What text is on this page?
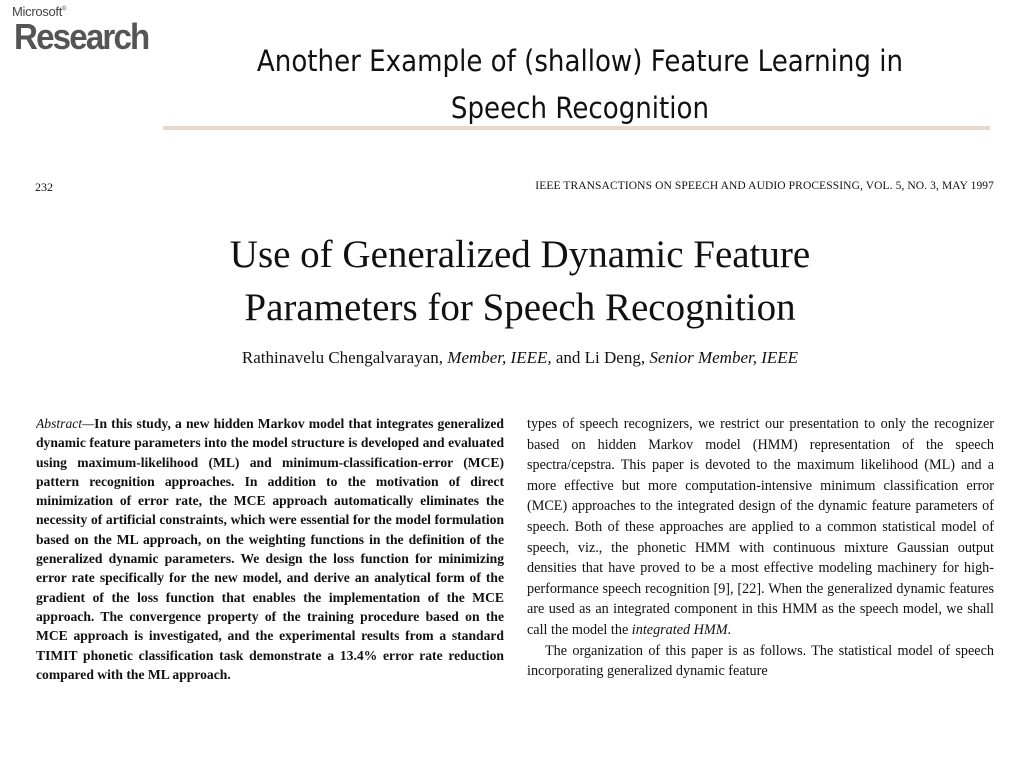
Microsoft®
Research
Another Example of (shallow) Feature Learning in
Speech Recognition
232	IEEE TRANSACTIONS ON SPEECH AND AUDIO PROCESSING, VOL. 5, NO. 3, MAY 1997
Use of Generalized Dynamic Feature
Parameters for Speech Recognition
Rathinavelu Chengalvarayan, Member, IEEE, and Li Deng, Senior Member, IEEE

Abstract—In this study, a new hidden Markov model that integrates generalized dynamic feature parameters into the model structure is developed and evaluated using maximum-likelihood (ML) and minimum-classification-error (MCE) pattern recognition approaches. In addition to the motivation of direct minimization of error rate, the MCE approach automatically eliminates the necessity of artificial constraints, which were essential for the model formulation based on the ML approach, on the weighting functions in the definition of the generalized dynamic parameters. We design the loss function for minimizing error rate specifically for the new model, and derive an analytical form of the gradient of the loss function that enables the implementation of the MCE approach. The convergence property of the training procedure based on the MCE approach is investigated, and the experimental results from a standard TIMIT phonetic classification task demonstrate a 13.4% error rate reduction compared with the ML approach.

types of speech recognizers, we restrict our presentation to only the recognizer based on hidden Markov model (HMM) representation of the speech spectra/cepstra. This paper is devoted to the maximum likelihood (ML) and a more effective but more computation-intensive minimum classification error (MCE) approaches to the integrated design of the dynamic feature parameters of speech. Both of these approaches are applied to a common statistical model of speech, viz., the phonetic HMM with continuous mixture Gaussian output densities that have proved to be a most effective modeling machinery for high-performance speech recognition [9], [22]. When the generalized dynamic features are used as an integrated component in this HMM as the speech model, we shall call the model the integrated HMM.

The organization of this paper is as follows. The statistical model of speech incorporating generalized dynamic feature
